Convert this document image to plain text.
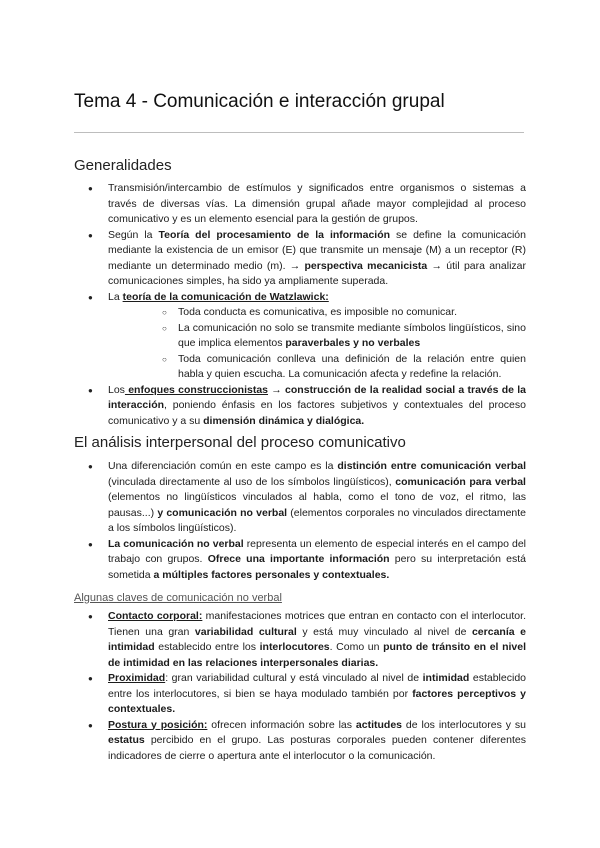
Tema 4 - Comunicación e interacción grupal
Generalidades
● Transmisión/intercambio de estímulos y significados entre organismos o sistemas a través de diversas vías. La dimensión grupal añade mayor complejidad al proceso comunicativo y es un elemento esencial para la gestión de grupos.
● Según la Teoría del procesamiento de la información se define la comunicación mediante la existencia de un emisor (E) que transmite un mensaje (M) a un receptor (R) mediante un determinado medio (m). → perspectiva mecanicista → útil para analizar comunicaciones simples, ha sido ya ampliamente superada.
● La teoría de la comunicación de Watzlawick:
○ Toda conducta es comunicativa, es imposible no comunicar.
○ La comunicación no solo se transmite mediante símbolos lingüísticos, sino que implica elementos paraverbales y no verbales
○ Toda comunicación conlleva una definición de la relación entre quien habla y quien escucha. La comunicación afecta y redefine la relación.
● Los enfoques construccionistas → construcción de la realidad social a través de la interacción, poniendo énfasis en los factores subjetivos y contextuales del proceso comunicativo y a su dimensión dinámica y dialógica.
El análisis interpersonal del proceso comunicativo
● Una diferenciación común en este campo es la distinción entre comunicación verbal (vinculada directamente al uso de los símbolos lingüísticos), comunicación para verbal (elementos no lingüísticos vinculados al habla, como el tono de voz, el ritmo, las pausas...) y comunicación no verbal (elementos corporales no vinculados directamente a los símbolos lingüísticos).
● La comunicación no verbal representa un elemento de especial interés en el campo del trabajo con grupos. Ofrece una importante información pero su interpretación está sometida a múltiples factores personales y contextuales.
Algunas claves de comunicación no verbal
● Contacto corporal: manifestaciones motrices que entran en contacto con el interlocutor. Tienen una gran variabilidad cultural y está muy vinculado al nivel de cercanía e intimidad establecido entre los interlocutores. Como un punto de tránsito en el nivel de intimidad en las relaciones interpersonales diarias.
● Proximidad: gran variabilidad cultural y está vinculado al nivel de intimidad establecido entre los interlocutores, si bien se haya modulado también por factores perceptivos y contextuales.
● Postura y posición: ofrecen información sobre las actitudes de los interlocutores y su estatus percibido en el grupo. Las posturas corporales pueden contener diferentes indicadores de cierre o apertura ante el interlocutor o la comunicación.
